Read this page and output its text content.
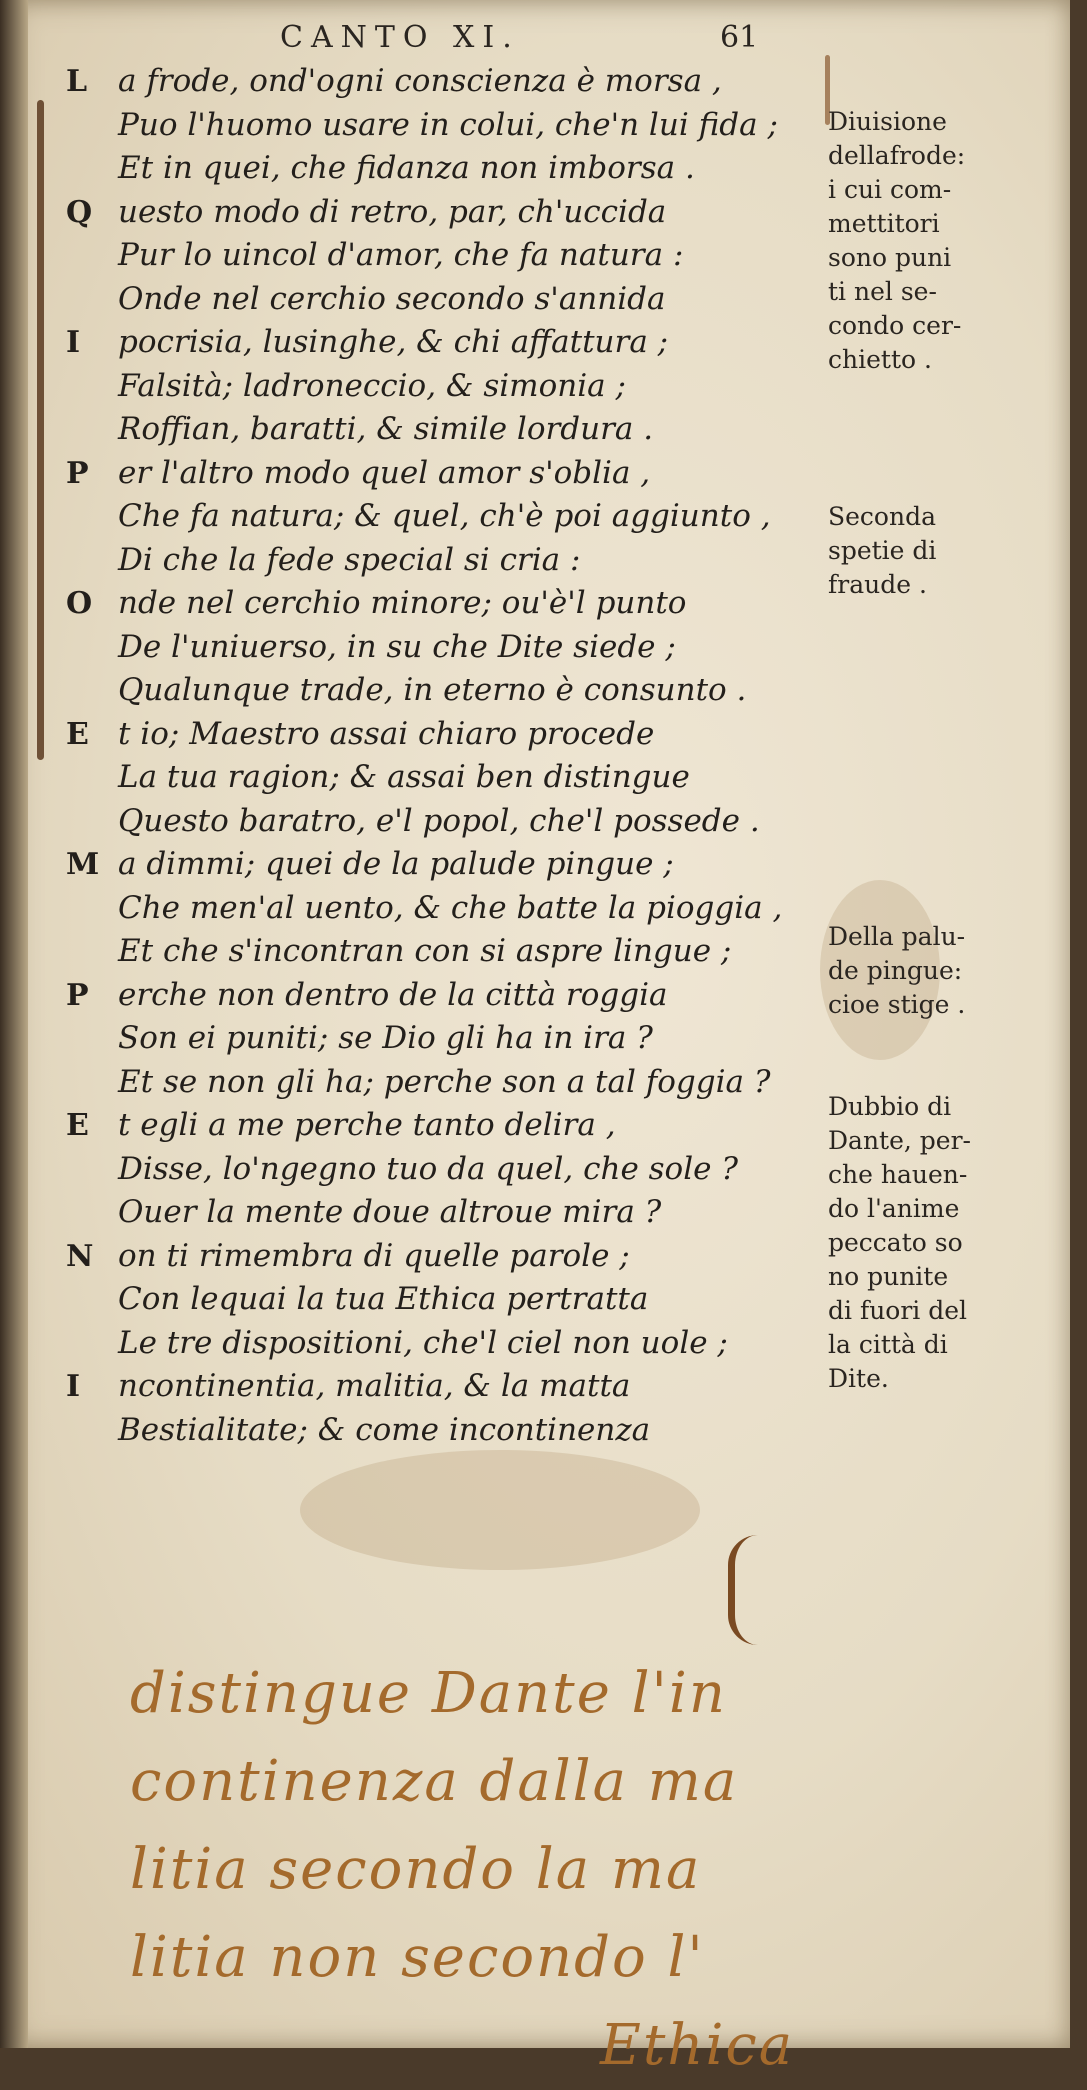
CANTO XI.	61
L a frode, ond'ogni conscienza è morsa ,
Puo l'huomo usare in colui, che'n lui fida ;
Et in quei, che fidanza non imborsa .
Q uesto modo di retro, par, ch'uccida
Pur lo uincol d'amor, che fa natura :
Onde nel cerchio secondo s'annida
I pocrisia, lusinghe, & chi affattura ;
Falsità; ladroneccio, & simonia ;
Roffian, baratti, & simile lordura .
P er l'altro modo quel amor s'oblia ,
Che fa natura; & quel, ch'è poi aggiunto ,
Di che la fede special si cria :
O nde nel cerchio minore; ou'è'l punto
De l'uniuerso, in su che Dite siede ;
Qualunque trade, in eterno è consunto .
E t io; Maestro assai chiaro procede
La tua ragion; & assai ben distingue
Questo baratro, e'l popol, che'l possede .
M a dimmi; quei de la palude pingue ;
Che men'al uento, & che batte la pioggia ,
Et che s'incontran con si aspre lingue ;
P erche non dentro de la città roggia
Son ei puniti; se Dio gli ha in ira ?
Et se non gli ha; perche son a tal foggia ?
E t egli a me perche tanto delira ,
Disse, lo'ngegno tuo da quel, che sole ?
Ouer la mente doue altroue mira ?
N on ti rimembra di quelle parole ;
Con lequai la tua Ethica pertratta
Le tre dispositioni, che'l ciel non uole ;
I ncontinentia, malitia, & la matta
Bestialitate; & come incontinenza
Diuisione
dellafrode:
i cui com-
mettitori
sono puni
ti nel se-
condo cer-
chietto .
Seconda
spetie di
fraude .
Della palu-
de pingue:
cioe stige .
Dubbio di
Dante, per-
che hauen-
do l'anime
peccato so
no punite
di fuori del
la città di
Dite.
distingue Dante l'in
continenza dalla ma
litia secondo la ma
litia non secondo l'
Ethica
